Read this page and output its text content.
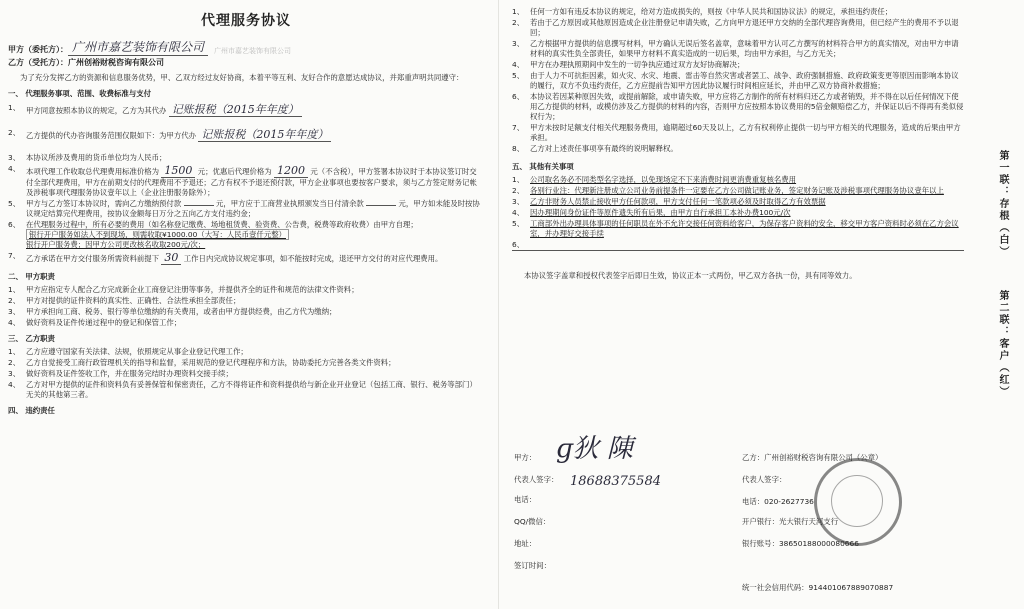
代理服务协议
甲方（委托方）： 广州市嘉艺装饰有限公司	广州市嘉艺装饰有限公司
乙方（受托方）： 广州创裕财税咨询有限公司

为了充分发挥乙方的资源和信息服务优势，甲、乙双方经过友好协商，本着平等互利、友好合作的意愿达成协议，并郑重声明共同遵守：

一、 代理服务事项、范围、收费标准与支付
1、 甲方同意按照本协议的规定，乙方为其代办 记账报税（2015年年度）
2、 乙方提供的代办咨询服务范围仅限如下：为甲方代办 记账报税（2015年年度）
3、 本协议所涉及费用的货币单位均为人民币；
4、 本项代理工作收取总代理费用标准价格为 1500 元；优惠后代理价格为 1200 元（不含税），甲方签署本协议时于本协议签订时交付全部代理费用，甲方在前期支付的代理费用不予退还；乙方有权不予退还预付款，甲方企业事项也要按客户要求，须与乙方签定财务记帐及涉税事项代理服务协议壹年以上（企业注册服务除外）；
5、 甲方与乙方签订本协议时，需向乙方缴纳预付款	元，甲方应于工商营业执照颁发当日付清余款	元，甲方如未能及时按协议规定结算完代理费用，按协议金额每日万分之五向乙方支付违约金；
6、 在代理服务过程中，所有必要的费用（如名称登记缴费、场地租赁费、验资费、公告费，税费等政府收费）由甲方自理；
银行开户服务如法人不到现场，则需收取¥1000.00（大写：人民币壹仟元整）
银行开户服务费；因甲方公司更改核名收取200元/次；
7、 乙方承诺在甲方交付服务所需资料前提下 30 工作日内完成协议规定事项，如不能按时完成，退还甲方交付的对应代理费用。
二、 甲方职责
1、 甲方应指定专人配合乙方完成新企业工商登记注册等事务，并提供齐全的证件和规范的法律文件资料；
2、 甲方对提供的证件资料的真实性、正确性、合法性承担全部责任；
3、 甲方承担向工商、税务、银行等单位缴纳的有关费用，或者由甲方提供经费，由乙方代为缴纳；
4、 做好资料及证件传递过程中的登记和保管工作；
三、 乙方职责
1、 乙方应遵守国家有关法律、法规，依照规定从事企业登记代理工作；
2、 乙方自觉接受工商行政管理机关的指导和监督，采用规范的登记代理程序和方法，协助委托方完善各类文件资料；
3、 做好资料及证件签收工作，并在服务完结时办理资料交接手续；
4、 乙方对甲方提供的证件和资料负有妥善保管和保密责任，乙方不得将证件和资料提供给与新企业开业登记（包括工商、银行、税务等部门）无关的其他第三者。
四、 违约责任
1、 任何一方如有违反本协议的规定，给对方造成损失的，则按《中华人民共和国协议法》的规定，承担违约责任；
2、 若由于乙方原因或其他原因造成企业注册登记申请失败，乙方向甲方退还甲方交纳的全部代理咨询费用，但已经产生的费用不予以退回；
3、 乙方根据甲方提供的信息撰写材料，甲方确认无误后签名盖章，意味着甲方认可乙方撰写的材料符合甲方的真实情况，对由甲方申请材料的真实性负全部责任，如果甲方材料不真实造成的一切后果，均由甲方承担，与乙方无关；
4、 甲方在办理执照期间中发生的一切争执应通过双方友好协商解决；
5、 由于人力不可抗拒因素，如火灾、水灾、地震、雷击等自然灾害或者罢工、战争、政府强制措施、政府政策变更等原因而影响本协议的履行，双方不负违约责任，乙方应提前告知甲方因此协议履行时间相应延长，并由甲乙双方协商补救措施；
6、 本协议若因某种原因失效，或提前解除，或申请失败，甲方应将乙方制作的所有材料归还乙方或者销毁，并不得在以后任何情况下使用乙方提供的材料，或模仿涉及乙方提供的材料的内容，否则甲方应按照本协议费用的5倍金额赔偿乙方，并保证以后不得再有类似侵权行为；
7、 甲方未按时足额支付相关代理服务费用，逾期超过60天及以上，乙方有权利停止提供一切与甲方相关的代理服务，造成的后果由甲方承担。
8、 乙方对上述责任事项享有最终的说明解释权。
五、 其他有关事项
1、 公司取名务必不同类型名字选择，以免现场定不下来消费时间更消费重复核名费用
2、 各别行业注：代理新注册成立公司业务前提条件一定要在乙方公司做记账业务，签定财务记账及涉税事项代理服务协议壹年以上
3、 乙方非财务人员禁止接收甲方任何款项，甲方支付任何一笔款项必须及时取得乙方有效票据
4、 因办理期间身份证件等原件遗失所有后果，由甲方自行承担工本补办费100元/次
5、 工商部外出办理具体事项的任何职员在外不允许交接任何资料给客户，为保存客户资料的安全，移交甲方客户资料时必须在乙方会议室，并办理好交接手续
6、

本协议签字盖章和授权代表签字后即日生效，协议正本一式两份，甲乙双方各执一份，具有同等效力。

甲方： ɡ狄 陳
代表人签字：
电话：
18688375584
QQ/微信：
地址：
签订时间：
乙方：广州创裕财税咨询有限公司（公章）
代表人签字：
电话：020-2627736
开户银行：光大银行天河支行
银行账号：38650188000080666
统一社会信用代码：914401067889070887
第一联：存根（白）
第二联：客户（红）
